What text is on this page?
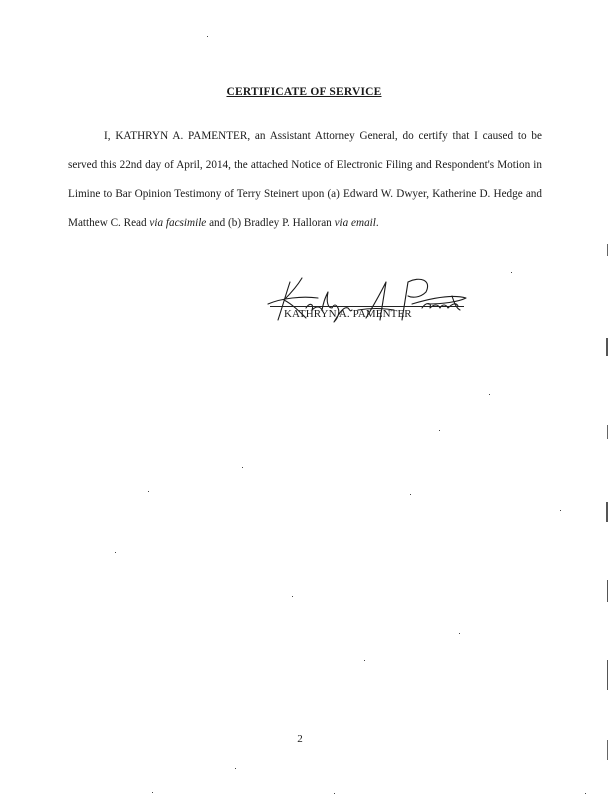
CERTIFICATE OF SERVICE

I, KATHRYN A. PAMENTER, an Assistant Attorney General, do certify that I caused to be served this 22nd day of April, 2014, the attached Notice of Electronic Filing and Respondent's Motion in Limine to Bar Opinion Testimony of Terry Steinert upon (a) Edward W. Dwyer, Katherine D. Hedge and Matthew C. Read via facsimile and (b) Bradley P. Halloran via email.

KATHRYN A. PAMENTER
2
